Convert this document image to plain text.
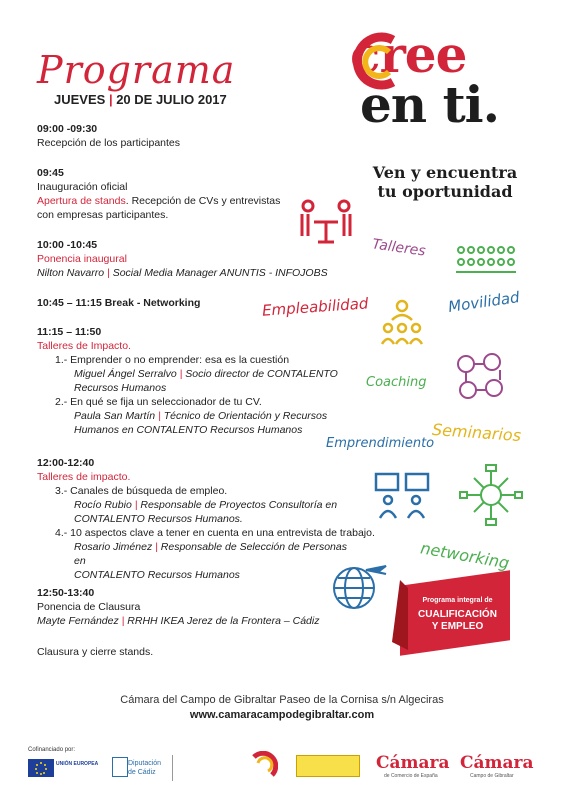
Programa
JUEVES | 20 DE JULIO 2017
cree
en ti.
Ven y encuentra
tu oportunidad
09:00 -09:30
Recepción de los participantes
09:45
Inauguración oficial
Apertura de stands. Recepción de CVs y entrevistas
con empresas participantes.
10:00 -10:45
Ponencia inaugural
Nilton Navarro | Social Media Manager ANUNTIS - INFOJOBS
10:45 – 11:15 Break - Networking
11:15 – 11:50
Talleres de Impacto.
1.- Emprender o no emprender: esa es la cuestión
Miguel Ángel Serralvo | Socio director de CONTALENTO
Recursos Humanos
2.- En qué se fija un seleccionador de tu CV.
Paula San Martín | Técnico de Orientación y Recursos
Humanos en CONTALENTO Recursos Humanos
12:00-12:40
Talleres de impacto.
3.- Canales de búsqueda de empleo.
Rocío Rubio | Responsable de Proyectos Consultoría en
CONTALENTO Recursos Humanos.
4.- 10 aspectos clave a tener en cuenta en una entrevista de trabajo.
Rosario Jiménez | Responsable de Selección de Personas en
CONTALENTO Recursos Humanos
12:50-13:40
Ponencia de Clausura
Mayte Fernández | RRHH IKEA Jerez de la Frontera – Cádiz
Clausura y cierre stands.
Talleres
Empleabilidad	Movilidad
Coaching
Seminarios
Emprendimiento
networking
Programa integral de
CUALIFICACIÓN
Y EMPLEO
Cámara del Campo de Gibraltar Paseo de la Cornisa s/n Algeciras
www.camaracampodegibraltar.com
Cofinanciado por:
UNIÓN EUROPEA	Diputación de Cádiz	Cámara
de Comercio de España
Cámara
Campo de Gibraltar
